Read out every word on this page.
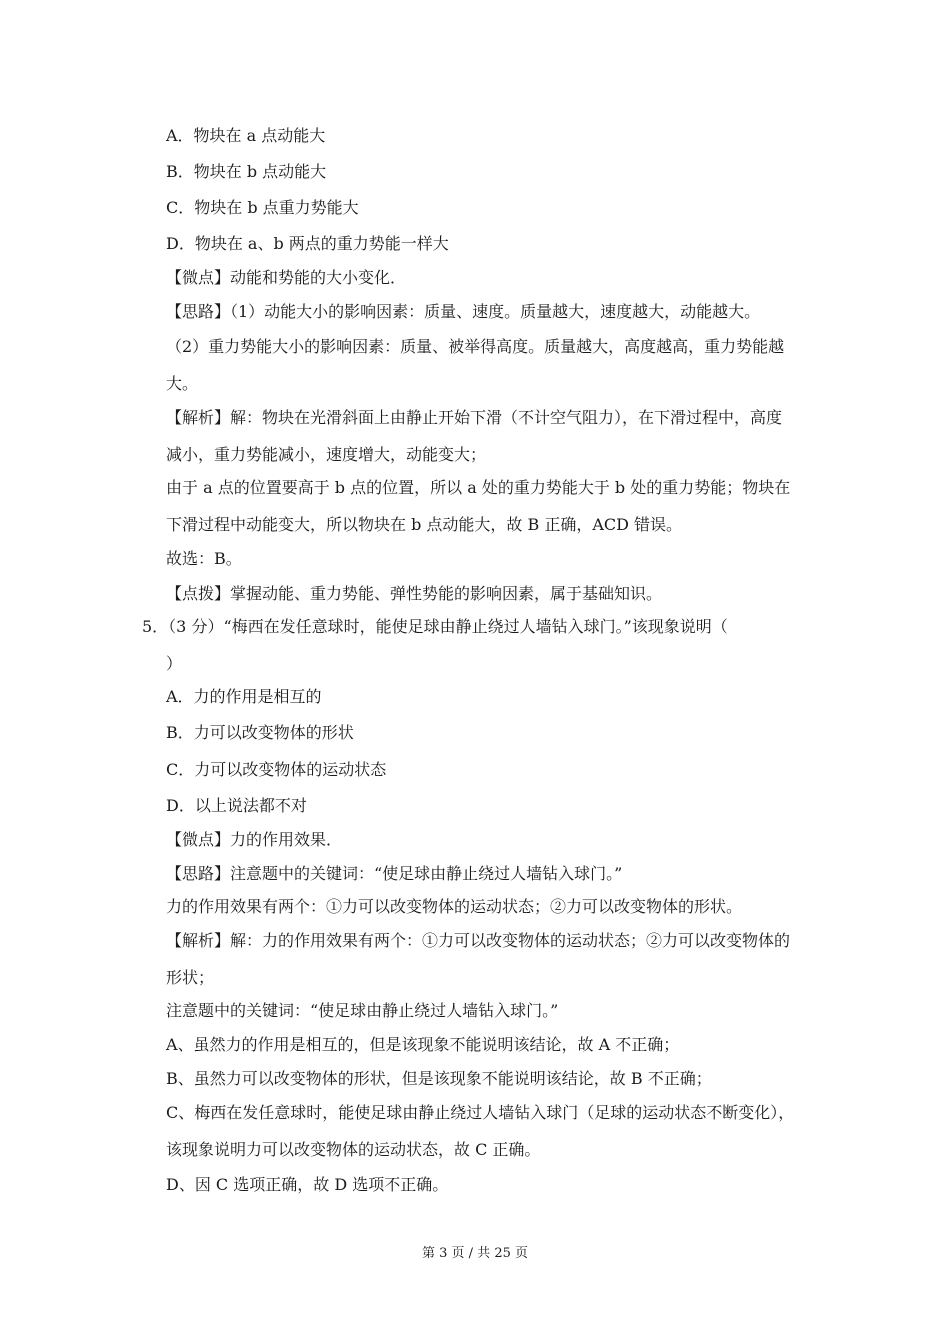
A．物块在 a 点动能大
B．物块在 b 点动能大
C．物块在 b 点重力势能大
D．物块在 a、b 两点的重力势能一样大
【微点】动能和势能的大小变化．
【思路】（1）动能大小的影响因素：质量、速度。质量越大，速度越大，动能越大。
（2）重力势能大小的影响因素：质量、被举得高度。质量越大，高度越高，重力势能越
大。
【解析】解：物块在光滑斜面上由静止开始下滑（不计空气阻力），在下滑过程中，高度
减小，重力势能减小，速度增大，动能变大；
由于 a 点的位置要高于 b 点的位置，所以 a 处的重力势能大于 b 处的重力势能；物块在
下滑过程中动能变大，所以物块在 b 点动能大，故 B 正确，ACD 错误。
故选：B。
【点拨】掌握动能、重力势能、弹性势能的影响因素，属于基础知识。
5．（3 分）“梅西在发任意球时，能使足球由静止绕过人墙钻入球门。”该现象说明（
）
A．力的作用是相互的
B．力可以改变物体的形状
C．力可以改变物体的运动状态
D．以上说法都不对
【微点】力的作用效果．
【思路】注意题中的关键词：“使足球由静止绕过人墙钻入球门。”
力的作用效果有两个：①力可以改变物体的运动状态；②力可以改变物体的形状。
【解析】解：力的作用效果有两个：①力可以改变物体的运动状态；②力可以改变物体的
形状；
注意题中的关键词：“使足球由静止绕过人墙钻入球门。”
A、虽然力的作用是相互的，但是该现象不能说明该结论，故 A 不正确；
B、虽然力可以改变物体的形状，但是该现象不能说明该结论，故 B 不正确；
C、梅西在发任意球时，能使足球由静止绕过人墙钻入球门（足球的运动状态不断变化），
该现象说明力可以改变物体的运动状态，故 C 正确。
D、因 C 选项正确，故 D 选项不正确。
第 3 页 / 共 25 页
